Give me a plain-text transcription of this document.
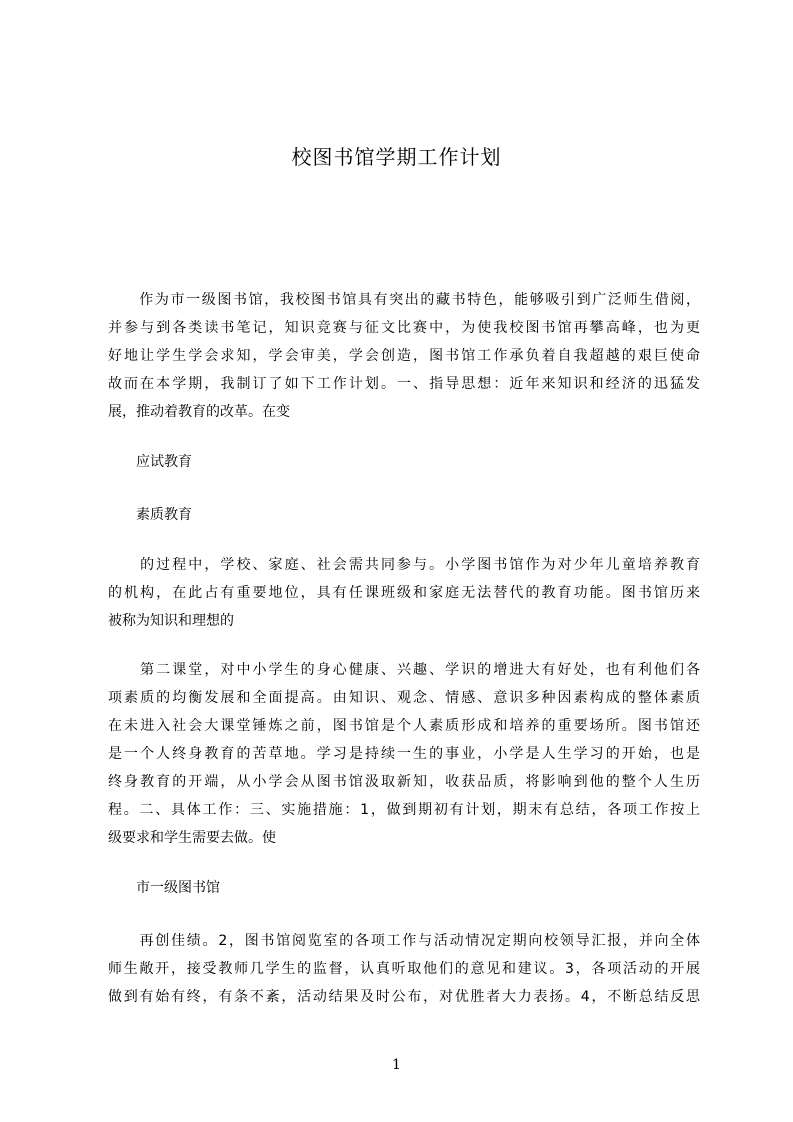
校图书馆学期工作计划
　　作为市一级图书馆，我校图书馆具有突出的藏书特色，能够吸引到广泛师生借阅，
并参与到各类读书笔记，知识竞赛与征文比赛中，为使我校图书馆再攀高峰，也为更
好地让学生学会求知，学会审美，学会创造，图书馆工作承负着自我超越的艰巨使命
故而在本学期，我制订了如下工作计划。一、指导思想：近年来知识和经济的迅猛发
展，推动着教育的改革。在变
　　应试教育
　　素质教育
　　的过程中，学校、家庭、社会需共同参与。小学图书馆作为对少年儿童培养教育
的机构，在此占有重要地位，具有任课班级和家庭无法替代的教育功能。图书馆历来
被称为知识和理想的
　　第二课堂，对中小学生的身心健康、兴趣、学识的增进大有好处，也有利他们各
项素质的均衡发展和全面提高。由知识、观念、情感、意识多种因素构成的整体素质
在未进入社会大课堂锤炼之前，图书馆是个人素质形成和培养的重要场所。图书馆还
是一个人终身教育的苦草地。学习是持续一生的事业，小学是人生学习的开始，也是
终身教育的开端，从小学会从图书馆汲取新知，收获品质，将影响到他的整个人生历
程。二、具体工作：三、实施措施：1，做到期初有计划，期末有总结，各项工作按上
级要求和学生需要去做。使
　　市一级图书馆
　　再创佳绩。2，图书馆阅览室的各项工作与活动情况定期向校领导汇报，并向全体
师生敞开，接受教师几学生的监督，认真听取他们的意见和建议。3，各项活动的开展
做到有始有终，有条不紊，活动结果及时公布，对优胜者大力表扬。4，不断总结反思
1
